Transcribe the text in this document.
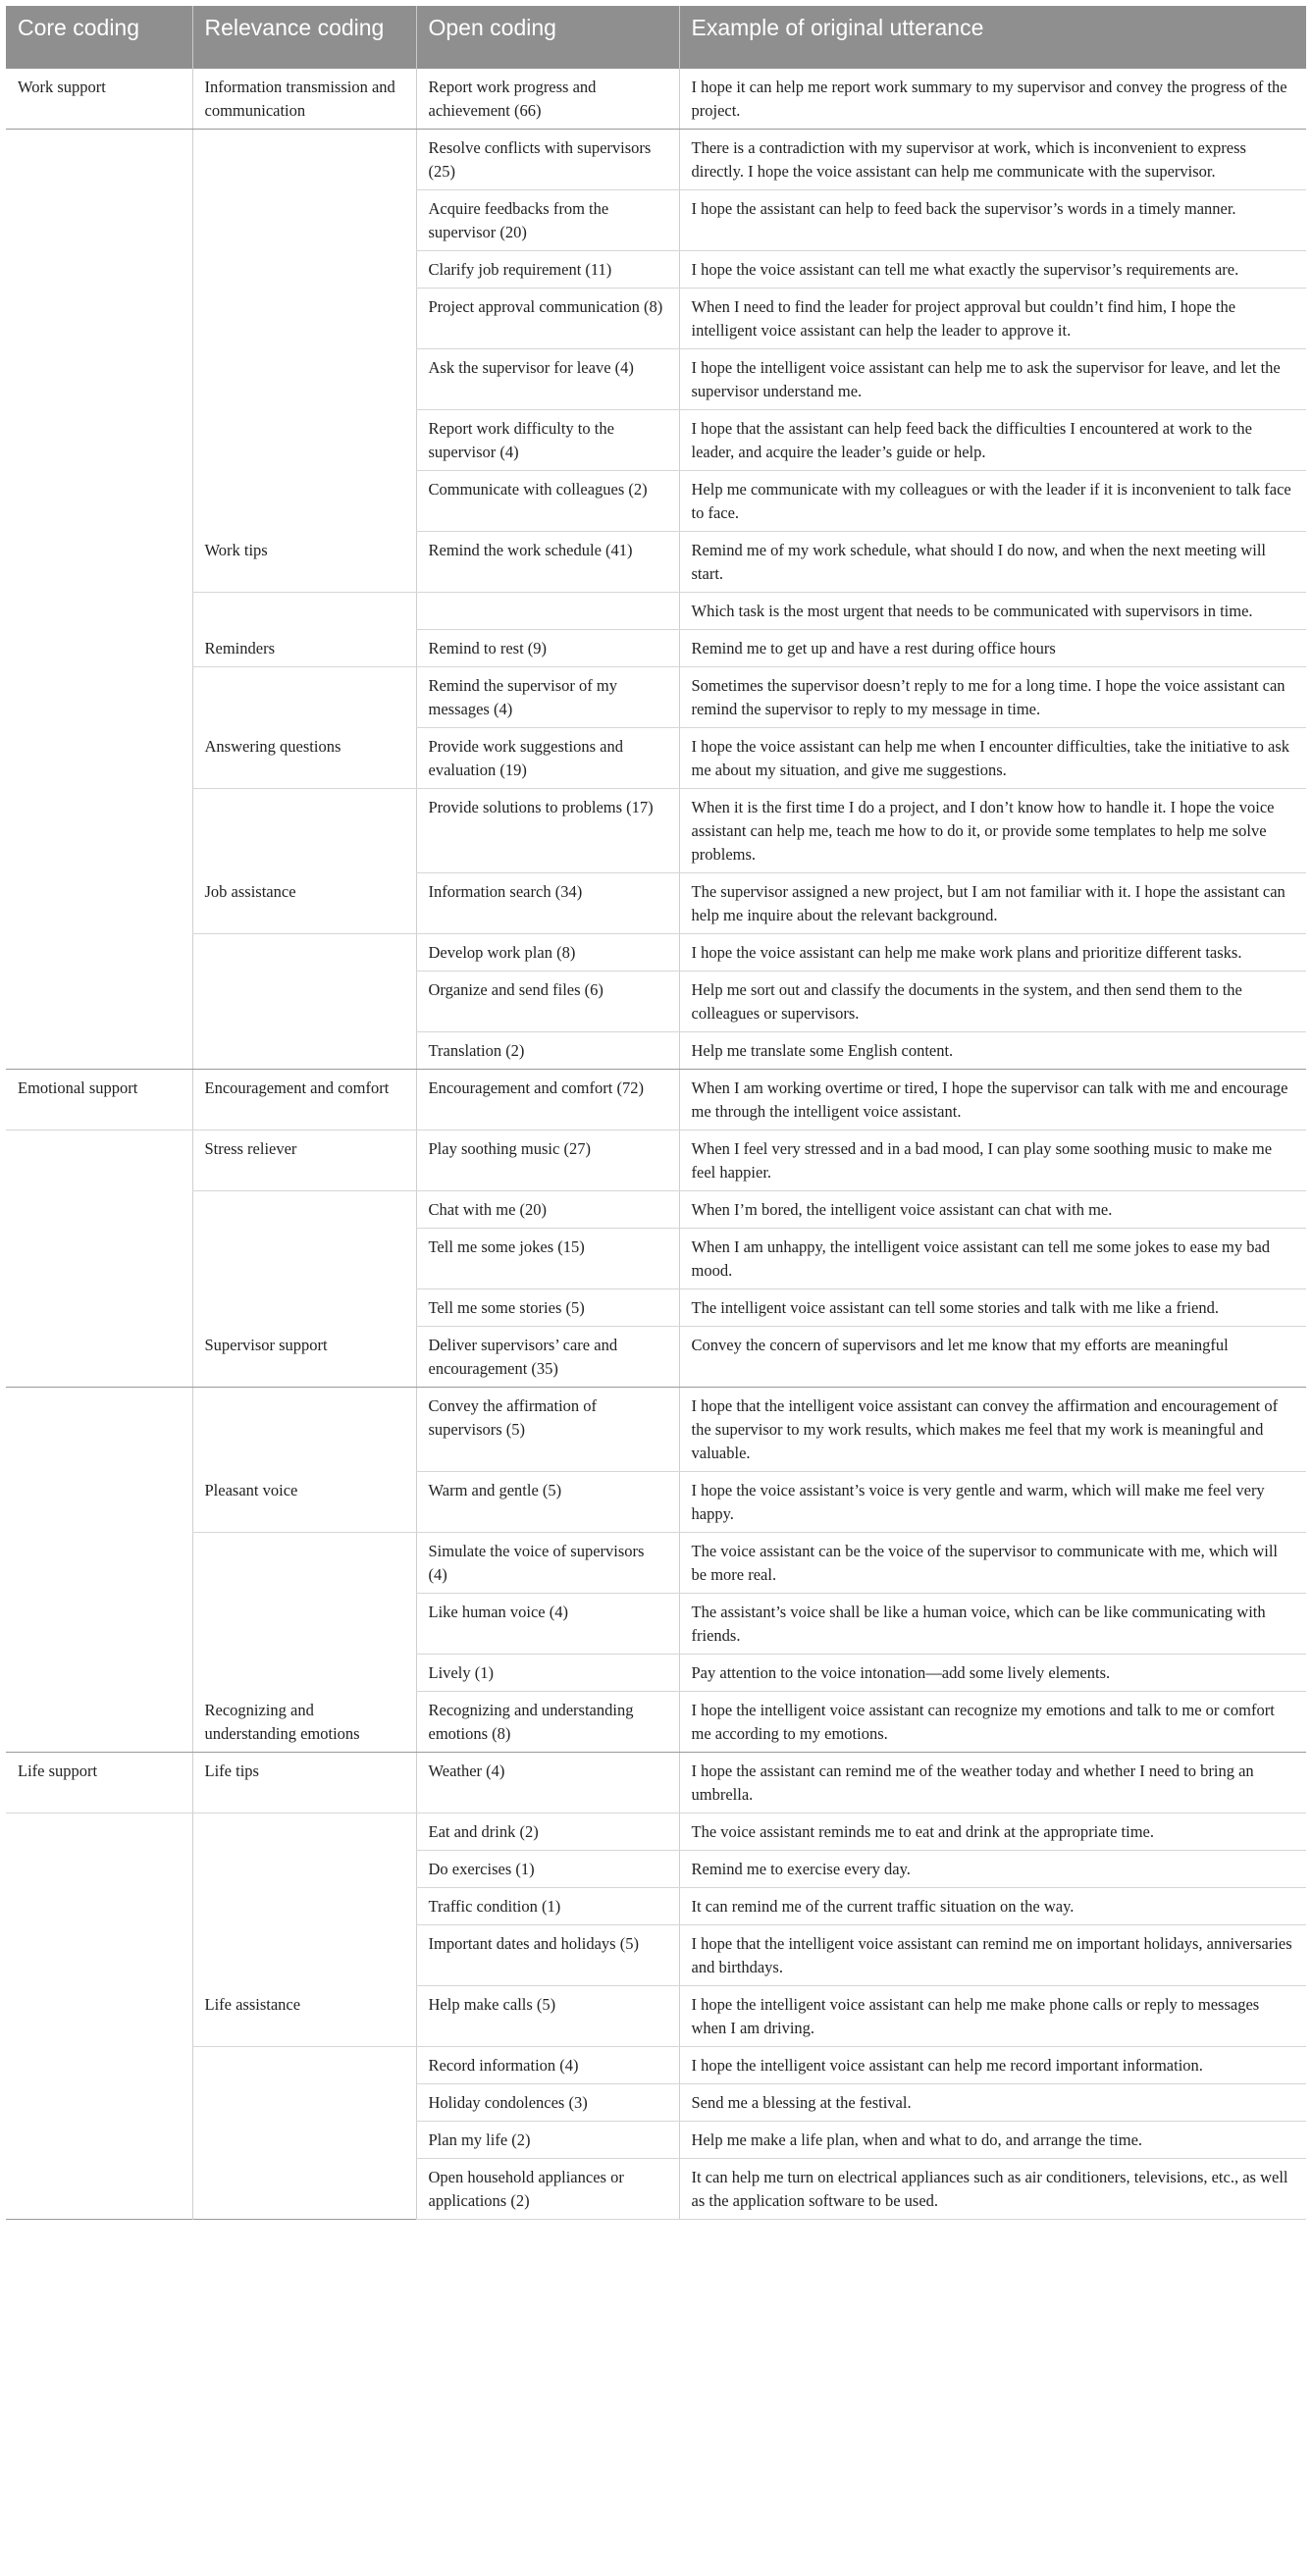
Core coding	Relevance coding	Open coding	Example of original utterance
Work support	Information transmission and communication	Report work progress and achievement (66)	I hope it can help me report work summary to my supervisor and convey the progress of the project.
		Resolve conflicts with supervisors (25)	There is a contradiction with my supervisor at work, which is inconvenient to express directly. I hope the voice assistant can help me communicate with the supervisor.
		Acquire feedbacks from the supervisor (20)	I hope the assistant can help to feed back the supervisor’s words in a timely manner.
		Clarify job requirement (11)	I hope the voice assistant can tell me what exactly the supervisor’s requirements are.
		Project approval communication (8)	When I need to find the leader for project approval but couldn’t find him, I hope the intelligent voice assistant can help the leader to approve it.
		Ask the supervisor for leave (4)	I hope the intelligent voice assistant can help me to ask the supervisor for leave, and let the supervisor understand me.
		Report work difficulty to the supervisor (4)	I hope that the assistant can help feed back the difficulties I encountered at work to the leader, and acquire the leader’s guide or help.
		Communicate with colleagues (2)	Help me communicate with my colleagues or with the leader if it is inconvenient to talk face to face.
	Work tips	Remind the work schedule (41)	Remind me of my work schedule, what should I do now, and when the next meeting will start.
			Which task is the most urgent that needs to be communicated with supervisors in time.
	Reminders	Remind to rest (9)	Remind me to get up and have a rest during office hours
		Remind the supervisor of my messages (4)	Sometimes the supervisor doesn’t reply to me for a long time. I hope the voice assistant can remind the supervisor to reply to my message in time.
	Answering questions	Provide work suggestions and evaluation (19)	I hope the voice assistant can help me when I encounter difficulties, take the initiative to ask me about my situation, and give me suggestions.
		Provide solutions to problems (17)	When it is the first time I do a project, and I don’t know how to handle it. I hope the voice assistant can help me, teach me how to do it, or provide some templates to help me solve problems.
	Job assistance	Information search (34)	The supervisor assigned a new project, but I am not familiar with it. I hope the assistant can help me inquire about the relevant background.
		Develop work plan (8)	I hope the voice assistant can help me make work plans and prioritize different tasks.
		Organize and send files (6)	Help me sort out and classify the documents in the system, and then send them to the colleagues or supervisors.
		Translation (2)	Help me translate some English content.
Emotional support	Encouragement and comfort	Encouragement and comfort (72)	When I am working overtime or tired, I hope the supervisor can talk with me and encourage me through the intelligent voice assistant.
	Stress reliever	Play soothing music (27)	When I feel very stressed and in a bad mood, I can play some soothing music to make me feel happier.
		Chat with me (20)	When I’m bored, the intelligent voice assistant can chat with me.
		Tell me some jokes (15)	When I am unhappy, the intelligent voice assistant can tell me some jokes to ease my bad mood.
		Tell me some stories (5)	The intelligent voice assistant can tell some stories and talk with me like a friend.
	Supervisor support	Deliver supervisors’ care and encouragement (35)	Convey the concern of supervisors and let me know that my efforts are meaningful
		Convey the affirmation of supervisors (5)	I hope that the intelligent voice assistant can convey the affirmation and encouragement of the supervisor to my work results, which makes me feel that my work is meaningful and valuable.
	Pleasant voice	Warm and gentle (5)	I hope the voice assistant’s voice is very gentle and warm, which will make me feel very happy.
		Simulate the voice of supervisors (4)	The voice assistant can be the voice of the supervisor to communicate with me, which will be more real.
		Like human voice (4)	The assistant’s voice shall be like a human voice, which can be like communicating with friends.
		Lively (1)	Pay attention to the voice intonation—add some lively elements.
	Recognizing and understanding emotions	Recognizing and understanding emotions (8)	I hope the intelligent voice assistant can recognize my emotions and talk to me or comfort me according to my emotions.
Life support	Life tips	Weather (4)	I hope the assistant can remind me of the weather today and whether I need to bring an umbrella.
		Eat and drink (2)	The voice assistant reminds me to eat and drink at the appropriate time.
		Do exercises (1)	Remind me to exercise every day.
		Traffic condition (1)	It can remind me of the current traffic situation on the way.
		Important dates and holidays (5)	I hope that the intelligent voice assistant can remind me on important holidays, anniversaries and birthdays.
	Life assistance	Help make calls (5)	I hope the intelligent voice assistant can help me make phone calls or reply to messages when I am driving.
		Record information (4)	I hope the intelligent voice assistant can help me record important information.
		Holiday condolences (3)	Send me a blessing at the festival.
		Plan my life (2)	Help me make a life plan, when and what to do, and arrange the time.
		Open household appliances or applications (2)	It can help me turn on electrical appliances such as air conditioners, televisions, etc., as well as the application software to be used.
